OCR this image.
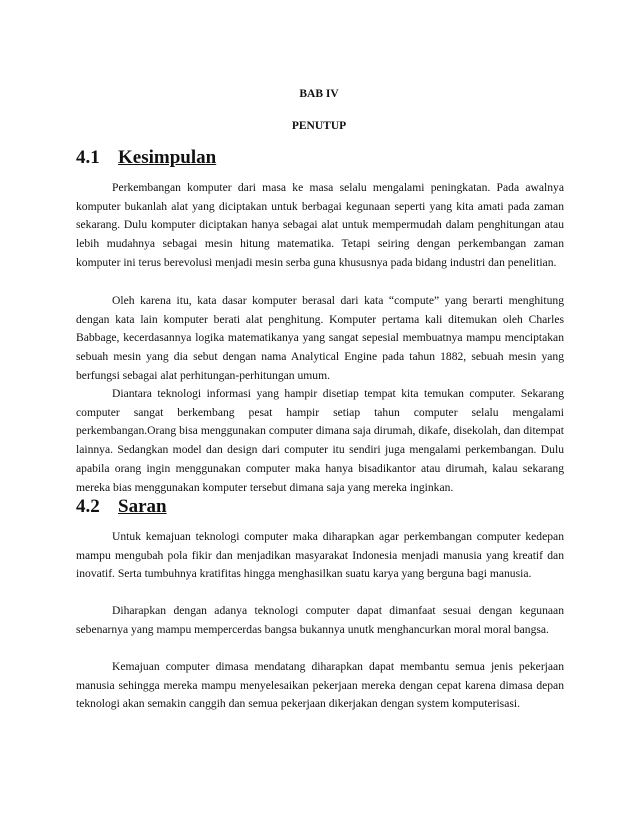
BAB IV
PENUTUP
4.1 Kesimpulan

Perkembangan komputer dari masa ke masa selalu mengalami peningkatan. Pada awalnya komputer bukanlah alat yang diciptakan untuk berbagai kegunaan seperti yang kita amati pada zaman sekarang. Dulu komputer diciptakan hanya sebagai alat untuk mempermudah dalam penghitungan atau lebih mudahnya sebagai mesin hitung matematika. Tetapi seiring dengan perkembangan zaman komputer ini terus berevolusi menjadi mesin serba guna khususnya pada bidang industri dan penelitian.

Oleh karena itu, kata dasar komputer berasal dari kata “compute” yang berarti menghitung dengan kata lain komputer berati alat penghitung. Komputer pertama kali ditemukan oleh Charles Babbage, kecerdasannya logika matematikanya yang sangat sepesial membuatnya mampu menciptakan sebuah mesin yang dia sebut dengan nama Analytical Engine pada tahun 1882, sebuah mesin yang berfungsi sebagai alat perhitungan-perhitungan umum.

Diantara teknologi informasi yang hampir disetiap tempat kita temukan computer. Sekarang computer sangat berkembang pesat hampir setiap tahun computer selalu mengalami perkembangan.Orang bisa menggunakan computer dimana saja dirumah, dikafe, disekolah, dan ditempat lainnya. Sedangkan model dan design dari computer itu sendiri juga mengalami perkembangan. Dulu apabila orang ingin menggunakan computer maka hanya bisadikantor atau dirumah, kalau sekarang mereka bias menggunakan komputer tersebut dimana saja yang mereka inginkan.

4.2 Saran

Untuk kemajuan teknologi computer maka diharapkan agar perkembangan computer kedepan mampu mengubah pola fikir dan menjadikan masyarakat Indonesia menjadi manusia yang kreatif dan inovatif. Serta tumbuhnya kratifitas hingga menghasilkan suatu karya yang berguna bagi manusia.

Diharapkan dengan adanya teknologi computer dapat dimanfaat sesuai dengan kegunaan sebenarnya yang mampu mempercerdas bangsa bukannya unutk menghancurkan moral moral bangsa.

Kemajuan computer dimasa mendatang diharapkan dapat membantu semua jenis pekerjaan manusia sehingga mereka mampu menyelesaikan pekerjaan mereka dengan cepat karena dimasa depan teknologi akan semakin canggih dan semua pekerjaan dikerjakan dengan system komputerisasi.
